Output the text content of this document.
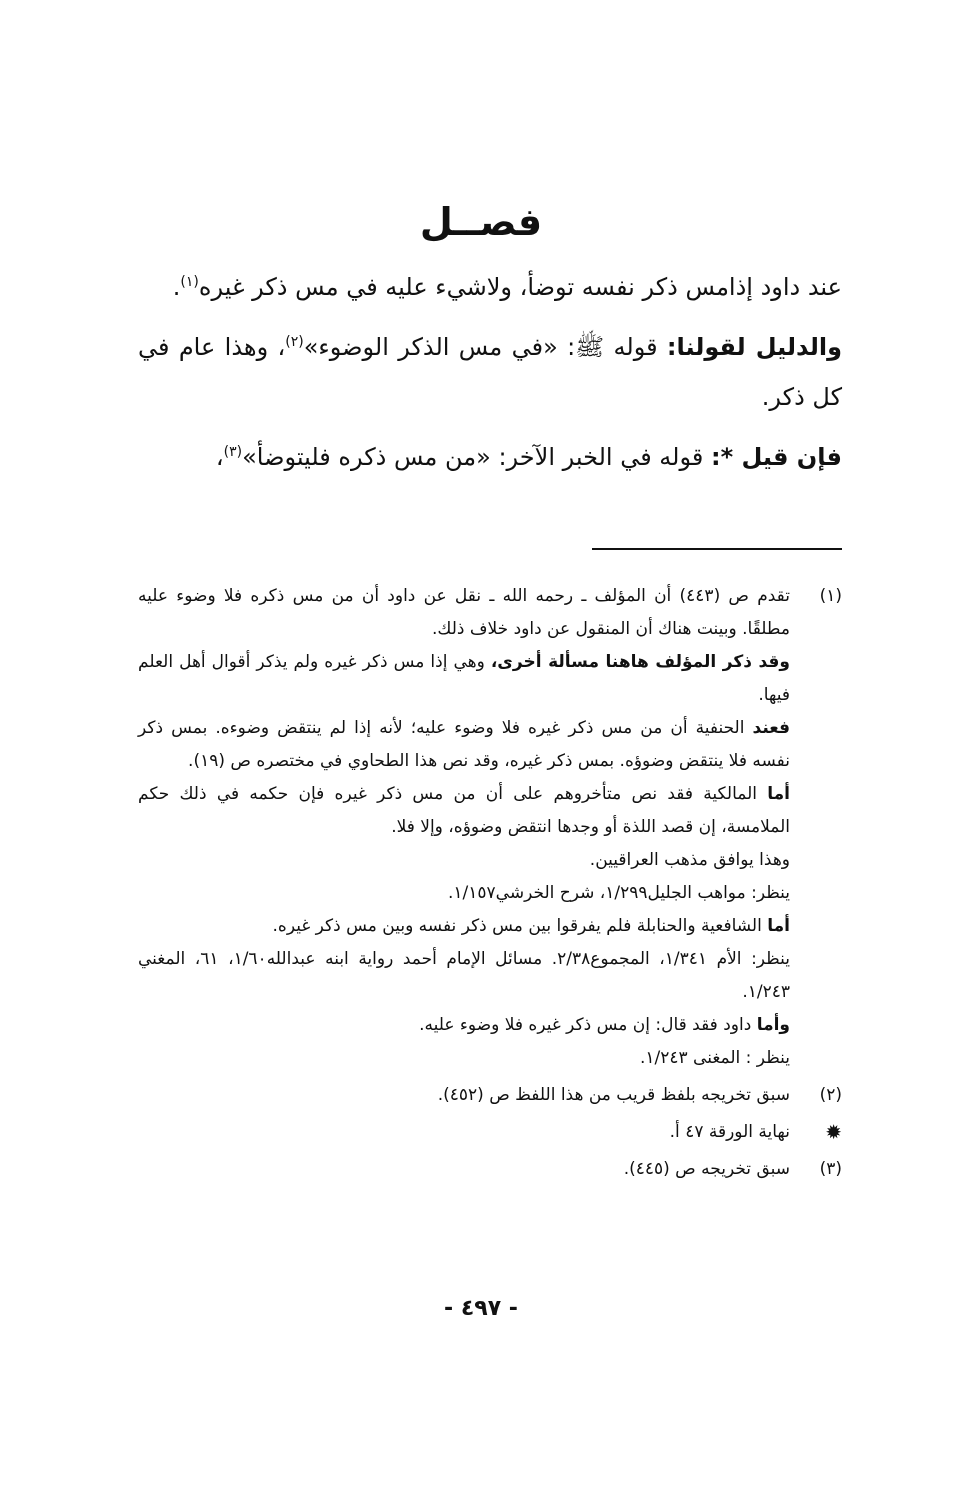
فصــل

عند داود إذامس ذكر نفسه توضأ، ولاشيء عليه في مس ذكر غيره$^{(١)}$.

والدليل لقولنا: قوله ﷺ: «في مس الذكر الوضوء»$^{(٢)}$، وهذا عام في كل ذكر.

فإن قيل *: قوله في الخبر الآخر: «من مس ذكره فليتوضأ»$^{(٣)}$،

(١)
تقدم ص (٤٤٣) أن المؤلف ـ رحمه الله ـ نقل عن داود أن من مس ذكره فلا وضوء عليه مطلقًا. وبينت هناك أن المنقول عن داود خلاف ذلك.
وقد ذكر المؤلف هاهنا مسألة أخرى، وهي إذا مس ذكر غيره ولم يذكر أقوال أهل العلم فيها.
فعند الحنفية أن من مس ذكر غيره فلا وضوء عليه؛ لأنه إذا لم ينتقض وضوءه. بمس ذكر نفسه فلا ينتقض وضوؤه. بمس ذكر غيره، وقد نص هذا الطحاوي في مختصره ص (١٩).
أما المالكية فقد نص متأخروهم على أن من مس ذكر غيره فإن حكمه في ذلك حكم الملامسة، إن قصد اللذة أو وجدها انتقض وضوؤه، وإلا فلا.
وهذا يوافق مذهب العراقيين.
ينظر: مواهب الجليل١/٢٩٩، شرح الخرشي١/١٥٧.
أما الشافعية والحنابلة فلم يفرقوا بين مس ذكر نفسه وبين مس ذكر غيره.
ينظر: الأم ١/٣٤١، المجموع٢/٣٨. مسائل الإمام أحمد رواية ابنه عبدالله١/٦٠، ٦١، المغني ١/٢٤٣.
وأما داود فقد قال: إن مس ذكر غيره فلا وضوء عليه.
ينظر : المغنى ١/٢٤٣.
(٢)
سبق تخريجه بلفظ قريب من هذا اللفظ ص (٤٥٢).
✹
نهاية الورقة ٤٧ أ.
(٣)
سبق تخريجه ص (٤٤٥).
- ٤٩٧ -
